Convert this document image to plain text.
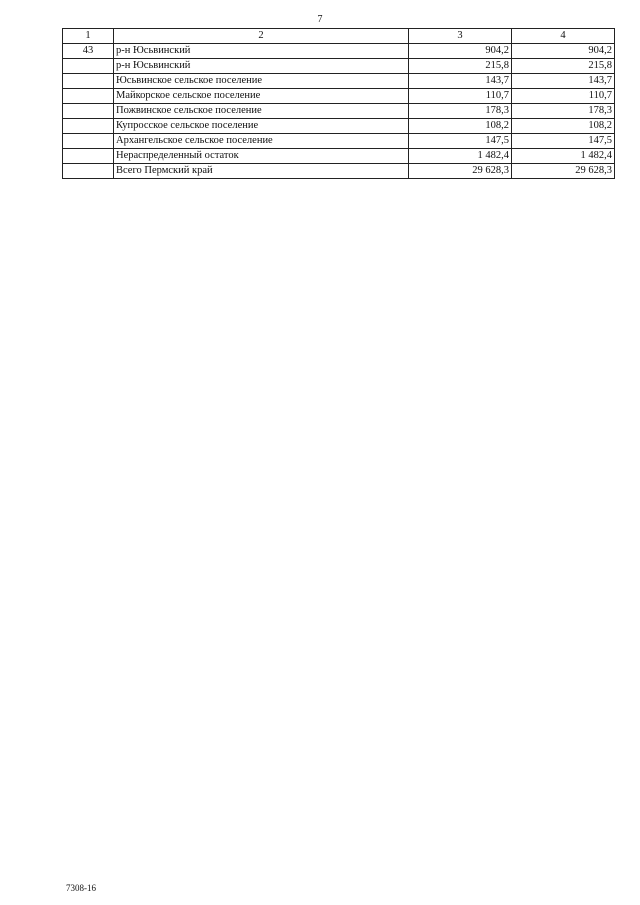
7
1	2	3	4
43	р-н Юсьвинский	904,2	904,2
	р-н Юсьвинский	215,8	215,8
	Юсьвинское сельское поселение	143,7	143,7
	Майкорское сельское поселение	110,7	110,7
	Пожвинское сельское поселение	178,3	178,3
	Купросское сельское поселение	108,2	108,2
	Архангельское сельское поселение	147,5	147,5
	Нераспределенный остаток	1 482,4	1 482,4
	Всего Пермский край	29 628,3	29 628,3
7308-16
